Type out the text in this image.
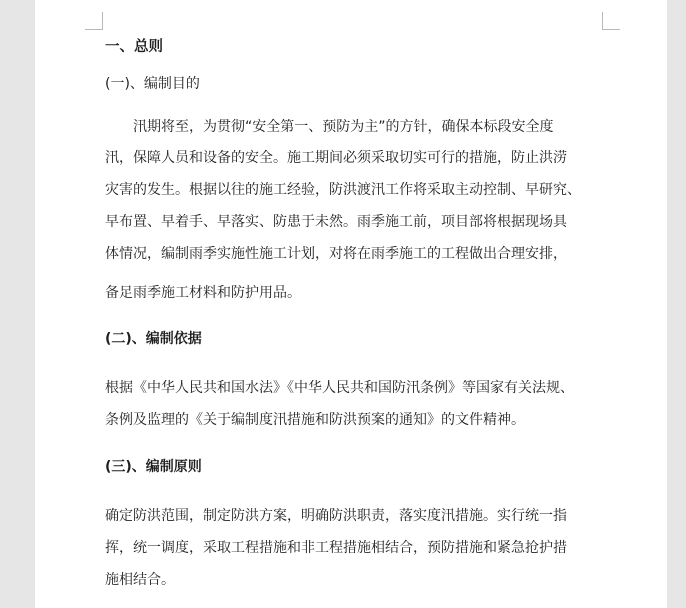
一、总则
(一)、编制目的
汛期将至，为贯彻“安全第一、预防为主”的方针，确保本标段安全度
汛，保障人员和设备的安全。施工期间必须采取切实可行的措施，防止洪涝
灾害的发生。根据以往的施工经验，防洪渡汛工作将采取主动控制、早研究、
早布置、早着手、早落实、防患于未然。雨季施工前，项目部将根据现场具
体情况，编制雨季实施性施工计划，对将在雨季施工的工程做出合理安排，
备足雨季施工材料和防护用品。
(二)、编制依据
根据《中华人民共和国水法》《中华人民共和国防汛条例》等国家有关法规、
条例及监理的《关于编制度汛措施和防洪预案的通知》的文件精神。
(三)、编制原则
确定防洪范围，制定防洪方案，明确防洪职责，落实度汛措施。实行统一指
挥，统一调度，采取工程措施和非工程措施相结合，预防措施和紧急抢护措
施相结合。
